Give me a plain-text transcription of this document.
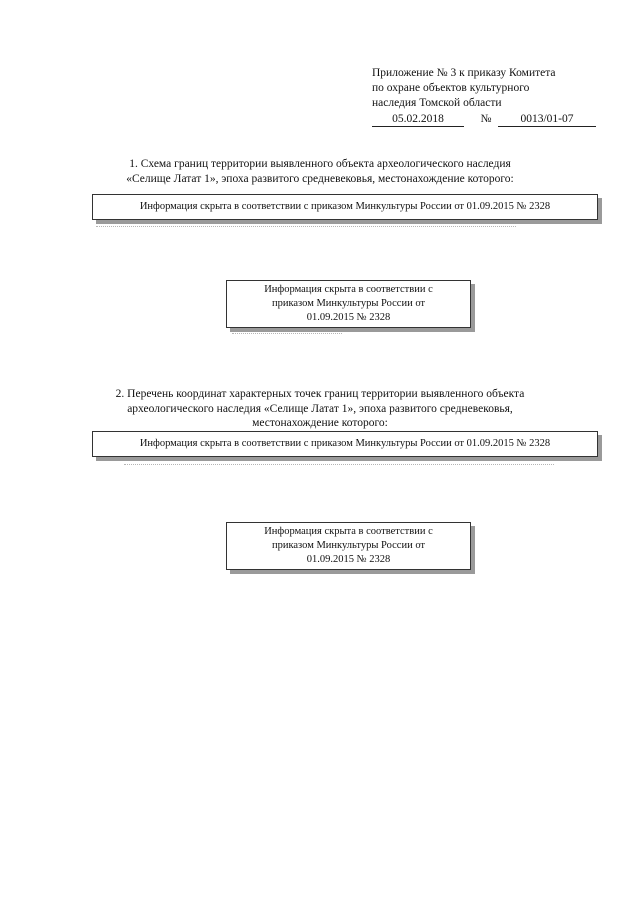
Приложение № 3 к приказу Комитета
по охране объектов культурного
наследия Томской области
05.02.2018	№	0013/01-07
1. Схема границ территории выявленного объекта археологического наследия
«Селище Латат 1», эпоха развитого средневековья, местонахождение которого:
Информация скрыта в соответствии с приказом Минкультуры России от 01.09.2015 № 2328
Информация скрыта в соответствии с
приказом Минкультуры России от
01.09.2015 № 2328
2. Перечень координат характерных точек границ территории выявленного объекта
археологического наследия «Селище Латат 1», эпоха развитого средневековья,
местонахождение которого:
Информация скрыта в соответствии с приказом Минкультуры России от 01.09.2015 № 2328
Информация скрыта в соответствии с
приказом Минкультуры России от
01.09.2015 № 2328
